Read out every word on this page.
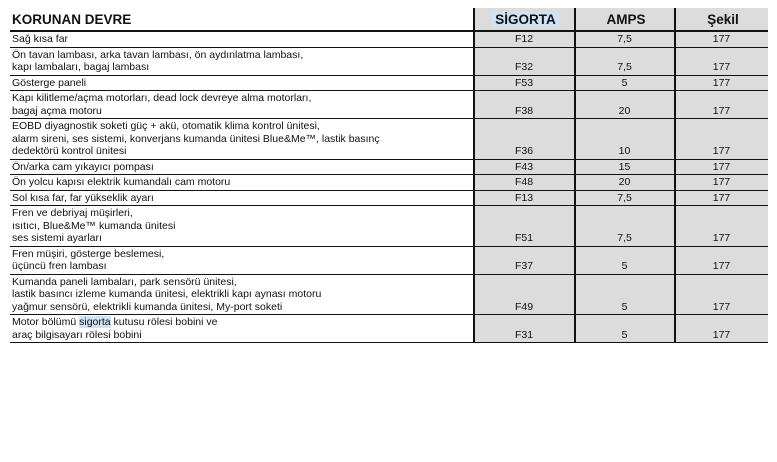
KORUNAN DEVRE	SİGORTA	AMPS	Şekil

Sağ kısa far	F12	7,5	177

Ön tavan lambası, arka tavan lambası, ön aydınlatma lambası,
kapı lambaları, bagaj lambası	F32	7,5	177

Gösterge paneli	F53	5	177

Kapı kilitleme/açma motorları, dead lock devreye alma motorları,
bagaj açma motoru	F38	20	177

EOBD diyagnostik soketi güç + akü, otomatik klima kontrol ünitesi,
alarm sireni, ses sistemi, konverjans kumanda ünitesi Blue&Me™, lastik basınç
dedektörü kontrol ünitesi	F36	10	177

Ön/arka cam yıkayıcı pompası	F43	15	177

Ön yolcu kapısı elektrik kumandalı cam motoru	F48	20	177

Sol kısa far, far yükseklik ayarı	F13	7,5	177

Fren ve debriyaj müşirleri,
ısıtıcı, Blue&Me™ kumanda ünitesi
ses sistemi ayarları	F51	7,5	177

Fren müşiri, gösterge beslemesi,
üçüncü fren lambası	F37	5	177

Kumanda paneli lambaları, park sensörü ünitesi,
lastik basıncı izleme kumanda ünitesi, elektrikli kapı aynası motoru
yağmur sensörü, elektrikli kumanda ünitesi, My-port soketi	F49	5	177

Motor bölümü sigorta kutusu rölesi bobini ve
araç bilgisayarı rölesi bobini	F31	5	177
